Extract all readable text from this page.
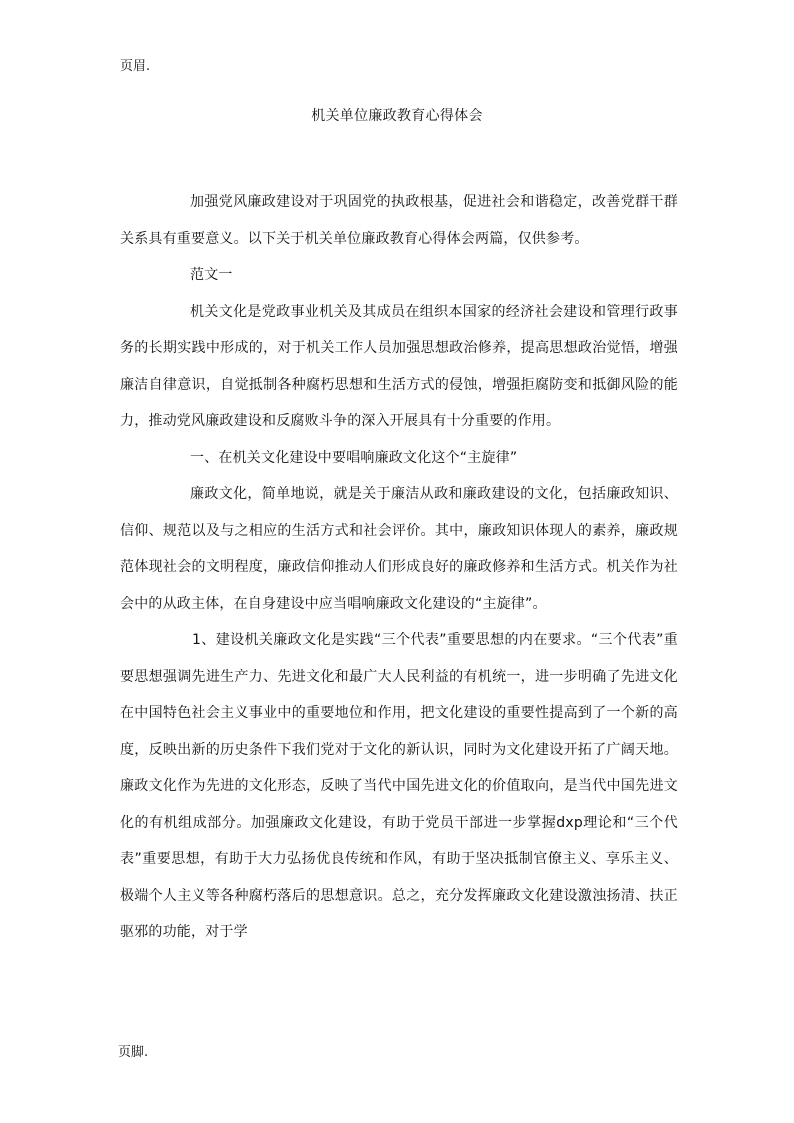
页眉.
机关单位廉政教育心得体会

加强党风廉政建设对于巩固党的执政根基，促进社会和谐稳定，改善党群干群关系具有重要意义。以下关于机关单位廉政教育心得体会两篇，仅供参考。

范文一

机关文化是党政事业机关及其成员在组织本国家的经济社会建设和管理行政事务的长期实践中形成的，对于机关工作人员加强思想政治修养，提高思想政治觉悟，增强廉洁自律意识，自觉抵制各种腐朽思想和生活方式的侵蚀，增强拒腐防变和抵御风险的能力，推动党风廉政建设和反腐败斗争的深入开展具有十分重要的作用。

一、在机关文化建设中要唱响廉政文化这个“主旋律”

廉政文化，简单地说，就是关于廉洁从政和廉政建设的文化，包括廉政知识、信仰、规范以及与之相应的生活方式和社会评价。其中，廉政知识体现人的素养，廉政规范体现社会的文明程度，廉政信仰推动人们形成良好的廉政修养和生活方式。机关作为社会中的从政主体，在自身建设中应当唱响廉政文化建设的“主旋律”。

1、建设机关廉政文化是实践“三个代表”重要思想的内在要求。“三个代表”重要思想强调先进生产力、先进文化和最广大人民利益的有机统一，进一步明确了先进文化在中国特色社会主义事业中的重要地位和作用，把文化建设的重要性提高到了一个新的高度，反映出新的历史条件下我们党对于文化的新认识，同时为文化建设开拓了广阔天地。廉政文化作为先进的文化形态，反映了当代中国先进文化的价值取向，是当代中国先进文化的有机组成部分。加强廉政文化建设，有助于党员干部进一步掌握dxp理论和“三个代表”重要思想，有助于大力弘扬优良传统和作风，有助于坚决抵制官僚主义、享乐主义、极端个人主义等各种腐朽落后的思想意识。总之，充分发挥廉政文化建设激浊扬清、扶正驱邪的功能，对于学

页脚.
